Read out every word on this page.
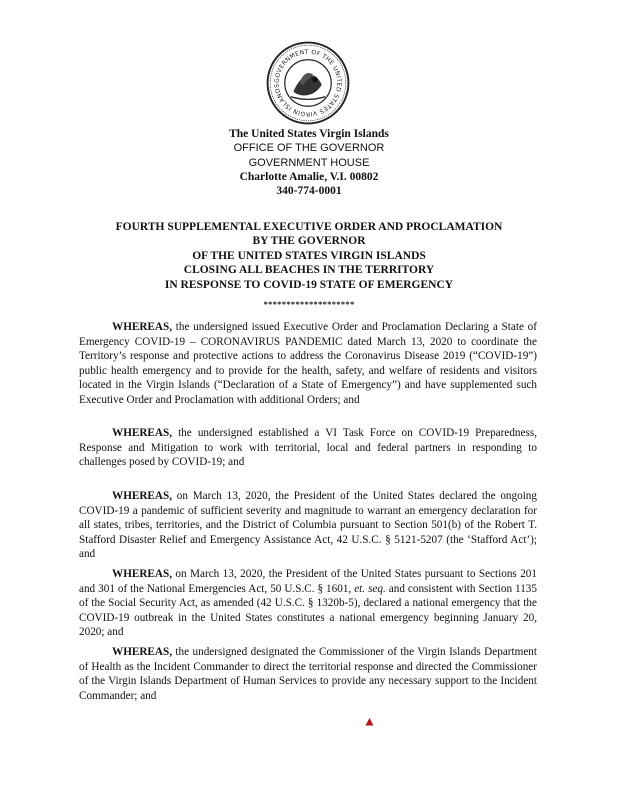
GOVERNMENT OF THE UNITED STATES VIRGIN ISLANDS
The United States Virgin Islands
OFFICE OF THE GOVERNOR
GOVERNMENT HOUSE
Charlotte Amalie, V.I. 00802
340-774-0001
FOURTH SUPPLEMENTAL EXECUTIVE ORDER AND PROCLAMATION
BY THE GOVERNOR
OF THE UNITED STATES VIRGIN ISLANDS
CLOSING ALL BEACHES IN THE TERRITORY
IN RESPONSE TO COVID-19 STATE OF EMERGENCY
********************

WHEREAS, the undersigned issued Executive Order and Proclamation Declaring a State of Emergency COVID-19 – CORONAVIRUS PANDEMIC dated March 13, 2020 to coordinate the Territory’s response and protective actions to address the Coronavirus Disease 2019 (“COVID-19”) public health emergency and to provide for the health, safety, and welfare of residents and visitors located in the Virgin Islands (“Declaration of a State of Emergency”) and have supplemented such Executive Order and Proclamation with additional Orders; and

WHEREAS, the undersigned established a VI Task Force on COVID-19 Preparedness, Response and Mitigation to work with territorial, local and federal partners in responding to challenges posed by COVID-19; and

WHEREAS, on March 13, 2020, the President of the United States declared the ongoing COVID-19 a pandemic of sufficient severity and magnitude to warrant an emergency declaration for all states, tribes, territories, and the District of Columbia pursuant to Section 501(b) of the Robert T. Stafford Disaster Relief and Emergency Assistance Act, 42 U.S.C. § 5121-5207 (the ‘Stafford Act’); and

WHEREAS, on March 13, 2020, the President of the United States pursuant to Sections 201 and 301 of the National Emergencies Act, 50 U.S.C. § 1601, et. seq. and consistent with Section 1135 of the Social Security Act, as amended (42 U.S.C. § 1320b-5), declared a national emergency that the COVID-19 outbreak in the United States constitutes a national emergency beginning January 20, 2020; and

WHEREAS, the undersigned designated the Commissioner of the Virgin Islands Department of Health as the Incident Commander to direct the territorial response and directed the Commissioner of the Virgin Islands Department of Human Services to provide any necessary support to the Incident Commander; and
